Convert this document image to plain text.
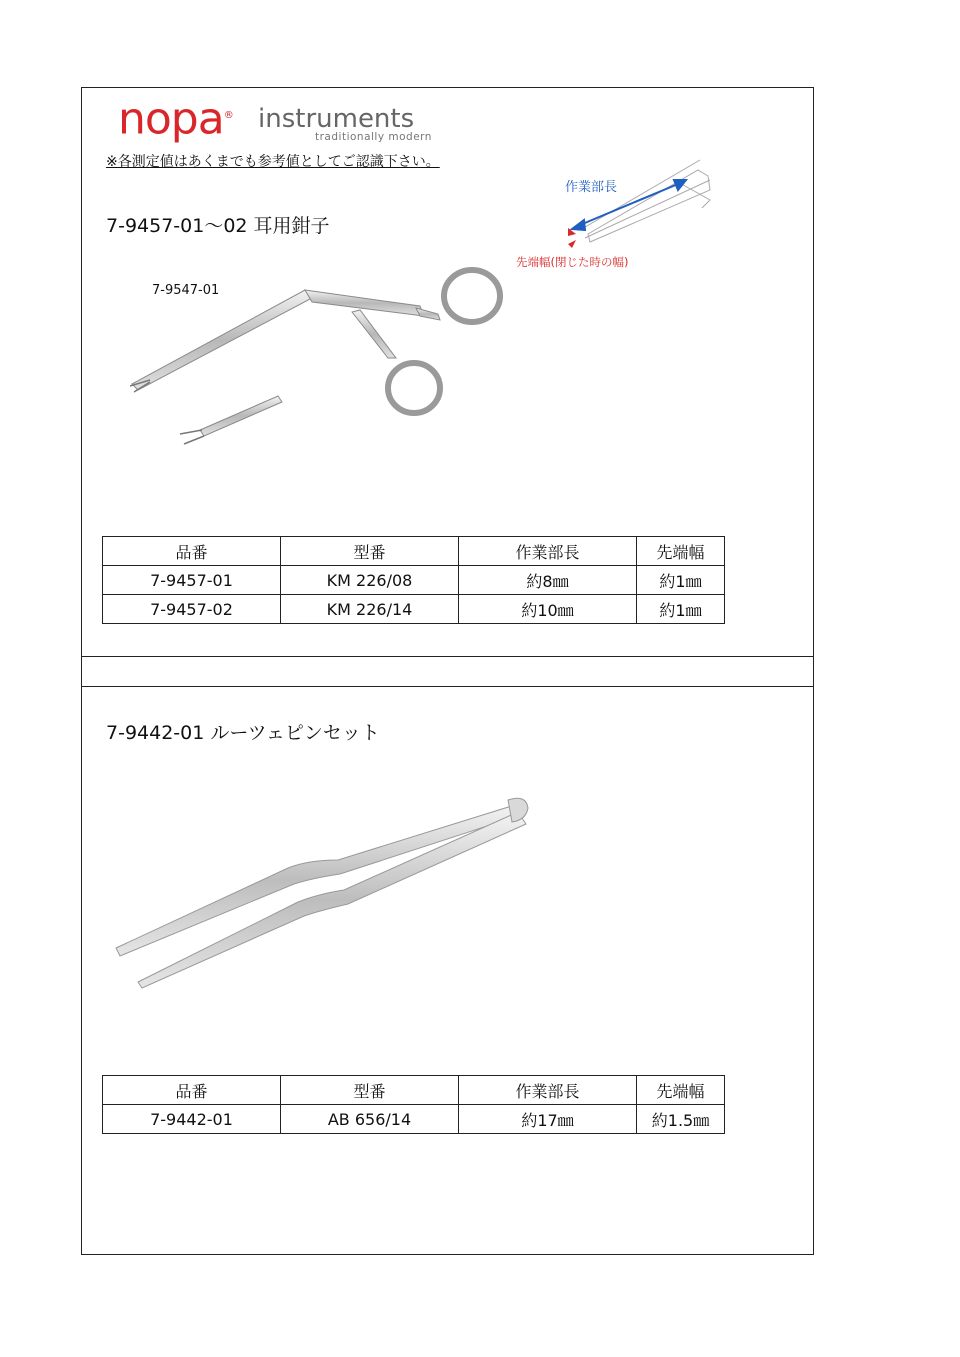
nopa® instruments
traditionally modern
※各測定値はあくまでも参考値としてご認識下さい。
7-9457-01～02 耳用鉗子
作業部長
先端幅(閉じた時の幅)
7-9547-01
品番	型番	作業部長	先端幅
7-9457-01	KM 226/08	約8㎜	約1㎜
7-9457-02	KM 226/14	約10㎜	約1㎜
7-9442-01 ルーツェピンセット
品番	型番	作業部長	先端幅
7-9442-01	AB 656/14	約17㎜	約1.5㎜
